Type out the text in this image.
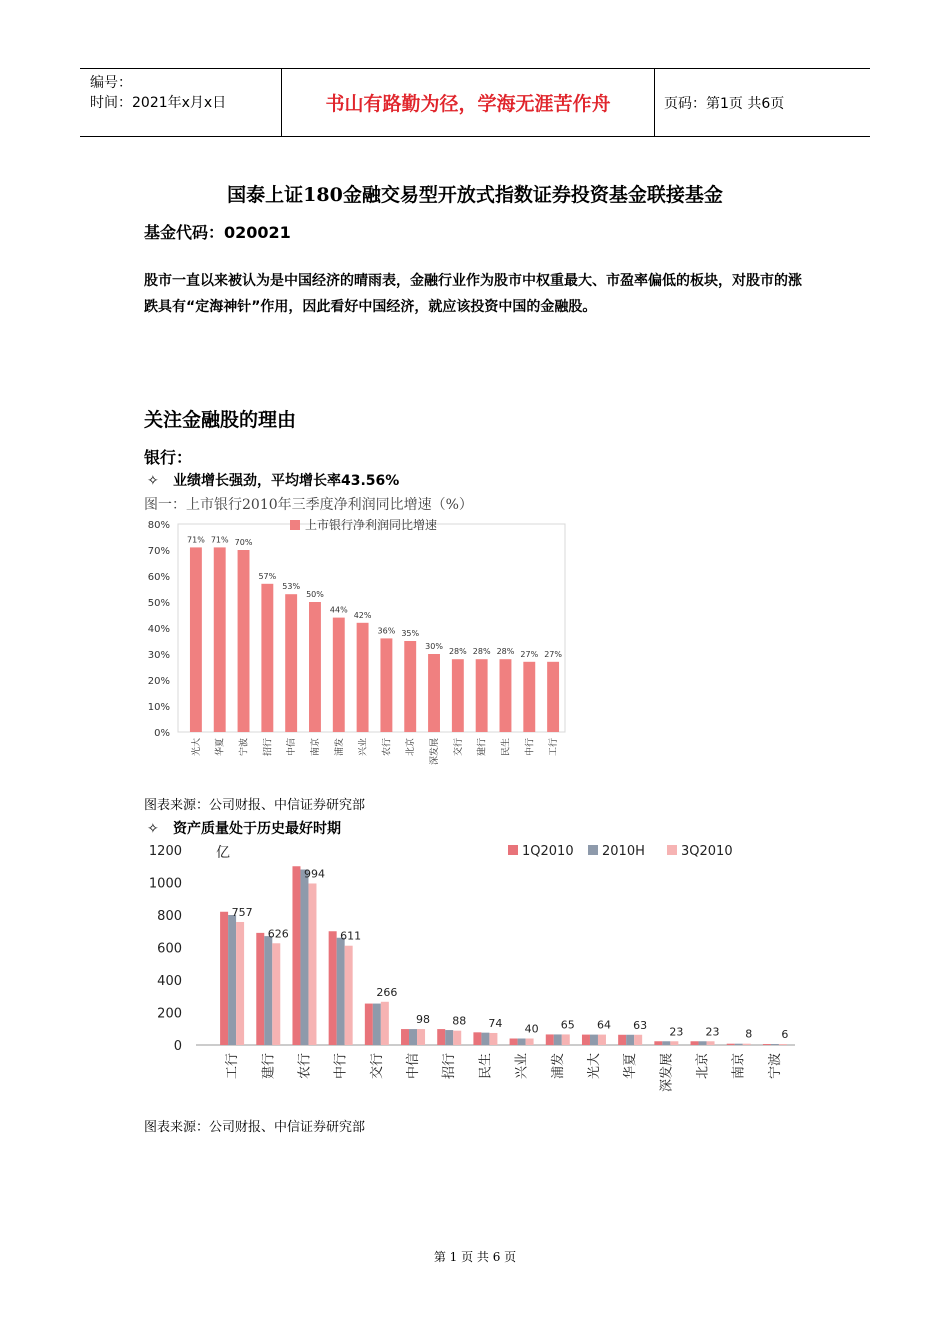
编号：
时间：2021年x月x日	书山有路勤为径，学海无涯苦作舟	页码：第1页 共6页
国泰上证180金融交易型开放式指数证券投资基金联接基金
基金代码：020021
股市一直以来被认为是中国经济的晴雨表，金融行业作为股市中权重最大、市盈率偏低的板块，对股市的涨跌具有“定海神针”作用，因此看好中国经济，就应该投资中国的金融股。
关注金融股的理由
银行：
✧ 业绩增长强劲，平均增长率43.56%
图一：上市银行2010年三季度净利润同比增速（%）
0%
10%
20%
30%
40%
50%
60%
70%
80%	上市银行净利润同比增速
71%
光大
71%
华夏
70%
宁波
57%
招行
53%
中信
50%
南京
44%
浦发
42%
兴业
36%
农行
35%
北京
30%
深发展
28%
交行
28%
建行
28%
民生
27%
中行
27%
工行
图表来源：公司财报、中信证券研究部
✧ 资产质量处于历史最好时期
0
200
400
600
800
1000
1200 亿	1Q2010 2010H	3Q2010
757
工行
626
建行
994
农行
611
中行
266
交行
98
中信
88
招行
74
民生
40
兴业
65
浦发
64
光大
63
华夏
23
深发展
23
北京
8
南京
6
宁波
图表来源：公司财报、中信证券研究部
第 1 页 共 6 页
